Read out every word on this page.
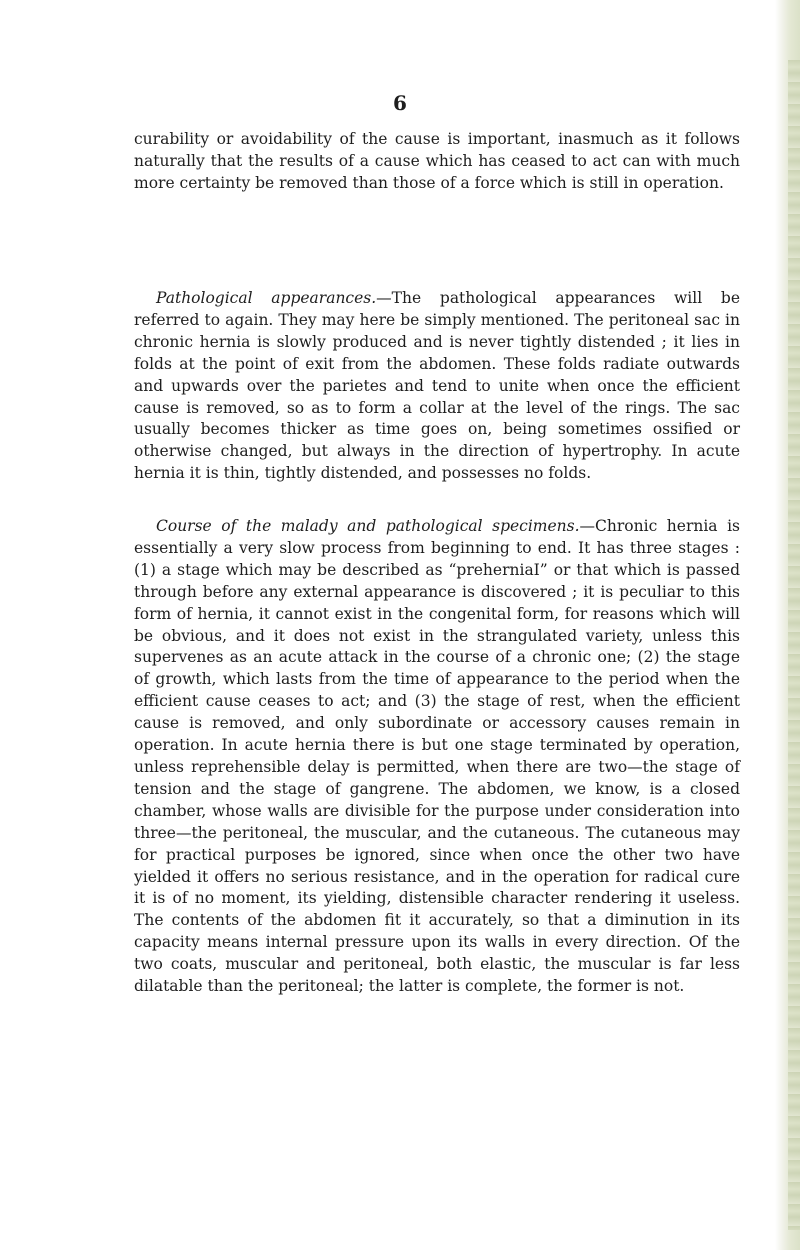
6

curability or avoidability of the cause is important, inasmuch as it follows naturally that the results of a cause which has ceased to act can with much more certainty be removed than those of a force which is still in operation.

Pathological appearances.—The pathological appearances will be referred to again. They may here be simply mentioned. The peritoneal sac in chronic hernia is slowly produced and is never tightly distended ; it lies in folds at the point of exit from the abdomen. These folds radiate outwards and upwards over the parietes and tend to unite when once the efficient cause is removed, so as to form a collar at the level of the rings. The sac usually becomes thicker as time goes on, being sometimes ossified or otherwise changed, but always in the direction of hypertrophy. In acute hernia it is thin, tightly distended, and possesses no folds.

Course of the malady and pathological specimens.—Chronic hernia is essentially a very slow process from beginning to end. It has three stages : (1) a stage which may be described as “preherniaI” or that which is passed through before any external appearance is discovered ; it is peculiar to this form of hernia, it cannot exist in the congenital form, for reasons which will be obvious, and it does not exist in the strangulated variety, unless this supervenes as an acute attack in the course of a chronic one; (2) the stage of growth, which lasts from the time of appearance to the period when the efficient cause ceases to act; and (3) the stage of rest, when the efficient cause is removed, and only subordinate or accessory causes remain in operation. In acute hernia there is but one stage terminated by operation, unless reprehensible delay is permitted, when there are two—the stage of tension and the stage of gangrene. The abdomen, we know, is a closed chamber, whose walls are divisible for the purpose under consideration into three—the peritoneal, the muscular, and the cutaneous. The cutaneous may for practical purposes be ignored, since when once the other two have yielded it offers no serious resistance, and in the operation for radical cure it is of no moment, its yielding, distensible character rendering it useless. The contents of the abdomen fit it accurately, so that a diminution in its capacity means internal pressure upon its walls in every direction. Of the two coats, muscular and peritoneal, both elastic, the muscular is far less dilatable than the peritoneal; the latter is complete, the former is not.
